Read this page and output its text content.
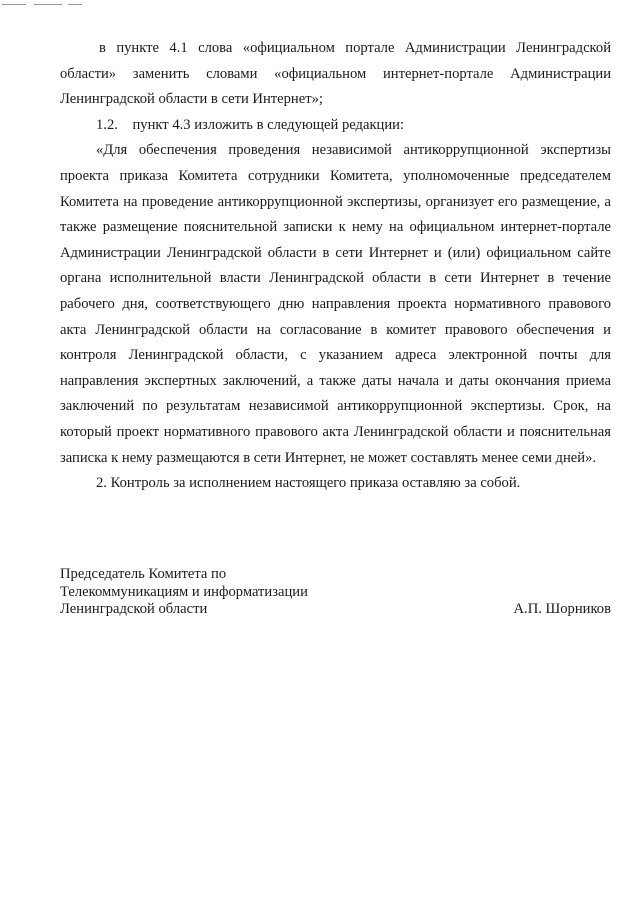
в пункте 4.1 слова «официальном портале Администрации Ленинградской области» заменить словами «официальном интернет-портале Администрации Ленинградской области в сети Интернет»;

1.2.    пункт 4.3 изложить в следующей редакции:

«Для обеспечения проведения независимой антикоррупционной экспертизы проекта приказа Комитета сотрудники Комитета, уполномоченные председателем Комитета на проведение антикоррупционной экспертизы, организует его размещение, а также размещение пояснительной записки к нему на официальном интернет-портале Администрации Ленинградской области в сети Интернет и (или) официальном сайте органа исполнительной власти Ленинградской области в сети Интернет в течение рабочего дня, соответствующего дню направления проекта нормативного правового акта Ленинградской области на согласование в комитет правового обеспечения и контроля Ленинградской области, с указанием адреса электронной почты для направления экспертных заключений, а также даты начала и даты окончания приема заключений по результатам независимой антикоррупционной экспертизы. Срок, на который проект нормативного правового акта Ленинградской области и пояснительная записка к нему размещаются в сети Интернет, не может составлять менее семи дней».

2. Контроль за исполнением настоящего приказа оставляю за собой.

Председатель Комитета по
Телекоммуникациям и информатизации
Ленинградской области	А.П. Шорников
